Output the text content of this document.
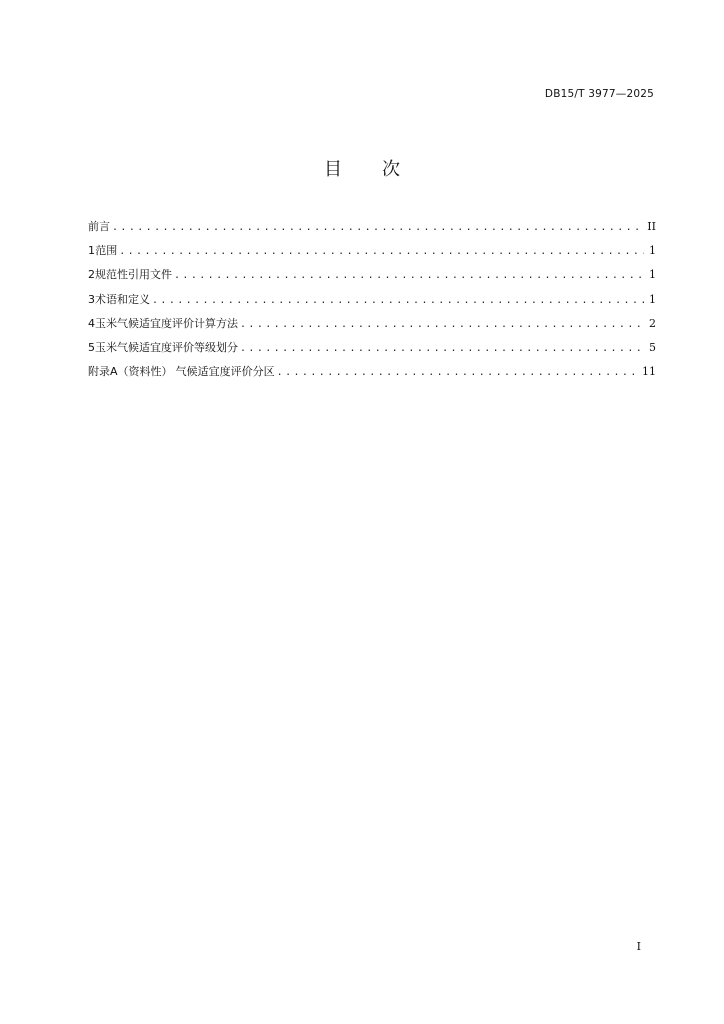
DB15/T 3977—2025
目 次
前言 .....	II
1 范围 .....	1
2 规范性引用文件 .....	1
3 术语和定义 .....	1
4 玉米气候适宜度评价计算方法 .....	2
5 玉米气候适宜度评价等级划分 .....	5
附录A（资料性） 气候适宜度评价分区 .....	11
I
